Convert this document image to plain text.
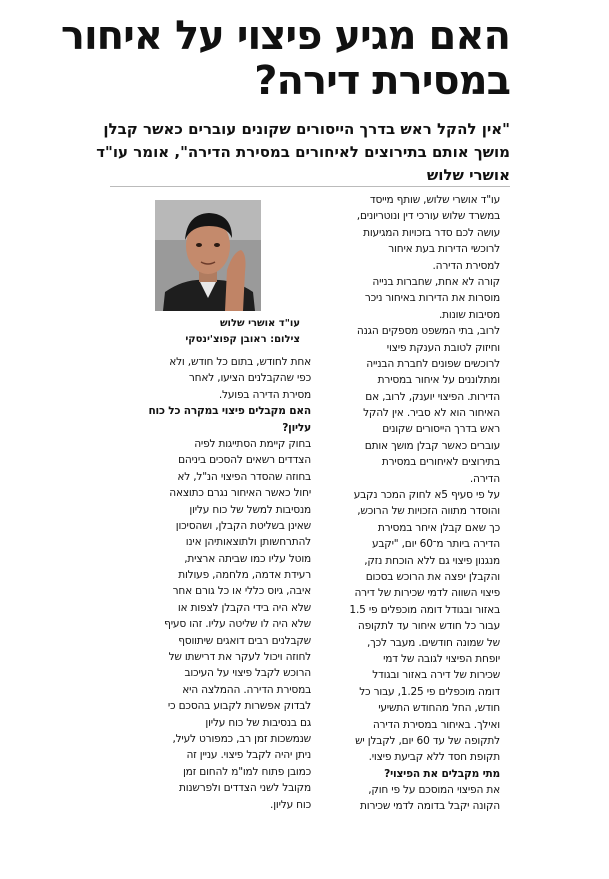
האם מגיע פיצוי על איחור
במסירת דירה?

"אין להקל ראש בדרך הייסורים שקונים עוברים כאשר קבלן
מושך אותם בתירוצים לאיחורים במסירת הדירה", אומר עו"ד
אושרי שלוש

עו"ד אושרי שלוש
צילום: ראובן קפוצ'ינסקי
עו"ד אושרי שלוש, שותף מייסד
במשרד שלוש עורכי דין ונוטריונים,
עושה לכם סדר בזכויות המגיעות
לרוכשי הדירות בעת איחור
למסירת הדירה.
קורה לא אחת, שחברות בנייה
מוסרות את הדירות באיחור ניכר
מסיבות שונות.
לרוב, בתי המשפט מספקים הגנה
וחיזוק לטובת הענקת פיצוי
לרוכשים שפונים לחברת הבנייה
ומתלוננים על איחור במסירת
הדירות. הפיצוי יוענק, לרוב, אם
האיחור הוא לא סביר. אין להקל
ראש בדרך הייסורים שקונים
עוברים כאשר קבלן מושך אותם
בתירוצים לאיחורים במסירת
הדירה.
על פי סעיף 5א לחוק המכר נקבע
והוסדר מתווה הזכויות של הרוכש,
כך שאם קבלן איחר במסירת
הדירה ביותר מ־60 יום, "יקבע
מנגנון פיצוי גם ללא הוכחת נזק,
והקבלן יפצה את הרוכש בסכום
פיצוי השווה לדמי שכירות של דירה
באזור ובגודל דומה מוכפלים פי 1.5
עבור כל חודש איחור עד לתקופה
של שמונה חודשים. מעבר לכך,
יופחת הפיצוי לגובה של דמי
שכירות של דירה באזור ובגודל
דומה מוכפלים פי 1.25, עבור כל
חודש, החל מהחודש התשיעי
ואילך. באיחור במסירת הדירה
לתקופה של עד 60 יום, לקבלן יש
תקופת חסד ללא קביעת פיצוי.
מתי מקבלים את הפיצוי?
את הפיצוי המוסכם על פי חוק,
הקונה יקבל בדומה לדמי שכירות
אחת לחודש, בתום כל חודש, ולא
כפי שהקבלנים הציעו, לאחר
מסירת הדירה בפועל.
האם מקבלים פיצוי במקרה כל כוח
עליון?
בחוק קיימת הסתייגות לפיה
הצדדים רשאים להסכים ביניהם
בחוזה שהסדר הפיצוי הנ"ל, לא
יחול כאשר האיחור נגרם כתוצאה
מנסיבות למשל של כוח עליון
שאינן בשליטת הקבלן, ושהסיכון
להתרחשותן ולתוצאותיהן אינו
מוטל עליו כמו שביתה ארצית,
רעידת אדמה, מלחמה, פעולות
איבה, גיוס כללי או כל גורם אחר
שלא היה בידי הקבלן לצפות או
שלא היה לו שליטה עליו. זהו סעיף
שקבלנים רבים דואגים שיתווסף
לחוזה ויכול לעקר את דרישתו של
הרוכש לקבל פיצוי על העיכוב
במסירת הדירה. ההמלצה היא
לבדוק אפשרות לקבוע בהסכם כי
גם בנסיבות של כוח עליון
שנמשכות זמן רב, כמפורט לעיל,
ניתן יהיה לקבל פיצוי. עניין זה
כמובן פתוח למו"מ להחום זמן
מקובל לשני הצדדים ולפרשנות
כוח עליון.
